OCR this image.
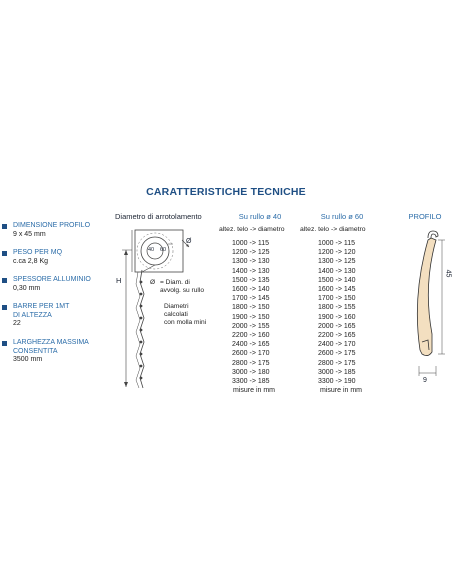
CARATTERISTICHE TECNICHE
DIMENSIONE PROFILO
9 x 45 mm
PESO PER MQ
c.ca 2,8 Kg
SPESSORE ALLUMINIO
0,30 mm
BARRE PER 1MT
DI ALTEZZA
22
LARGHEZZA MASSIMA
CONSENTITA
3500 mm
Diametro di arrotolamento
40 60
Ø
H	Ø = Diam. di
avvolg. su rullo
Diametri
calcolati
con molla mini
Su rullo ø 40
altez. telo -> diametro
1000 -> 115
1200 -> 125
1300 -> 130
1400 -> 130
1500 -> 135
1600 -> 140
1700 -> 145
1800 -> 150
1900 -> 150
2000 -> 155
2200 -> 160
2400 -> 165
2600 -> 170
2800 -> 175
3000 -> 180
3300 -> 185
misure in mm
Su rullo ø 60
altez. telo -> diametro
1000 -> 115
1200 -> 120
1300 -> 125
1400 -> 130
1500 -> 140
1600 -> 145
1700 -> 150
1800 -> 155
1900 -> 160
2000 -> 165
2200 -> 165
2400 -> 170
2600 -> 175
2800 -> 175
3000 -> 185
3300 -> 190
misure in mm
PROFILO
45
9
